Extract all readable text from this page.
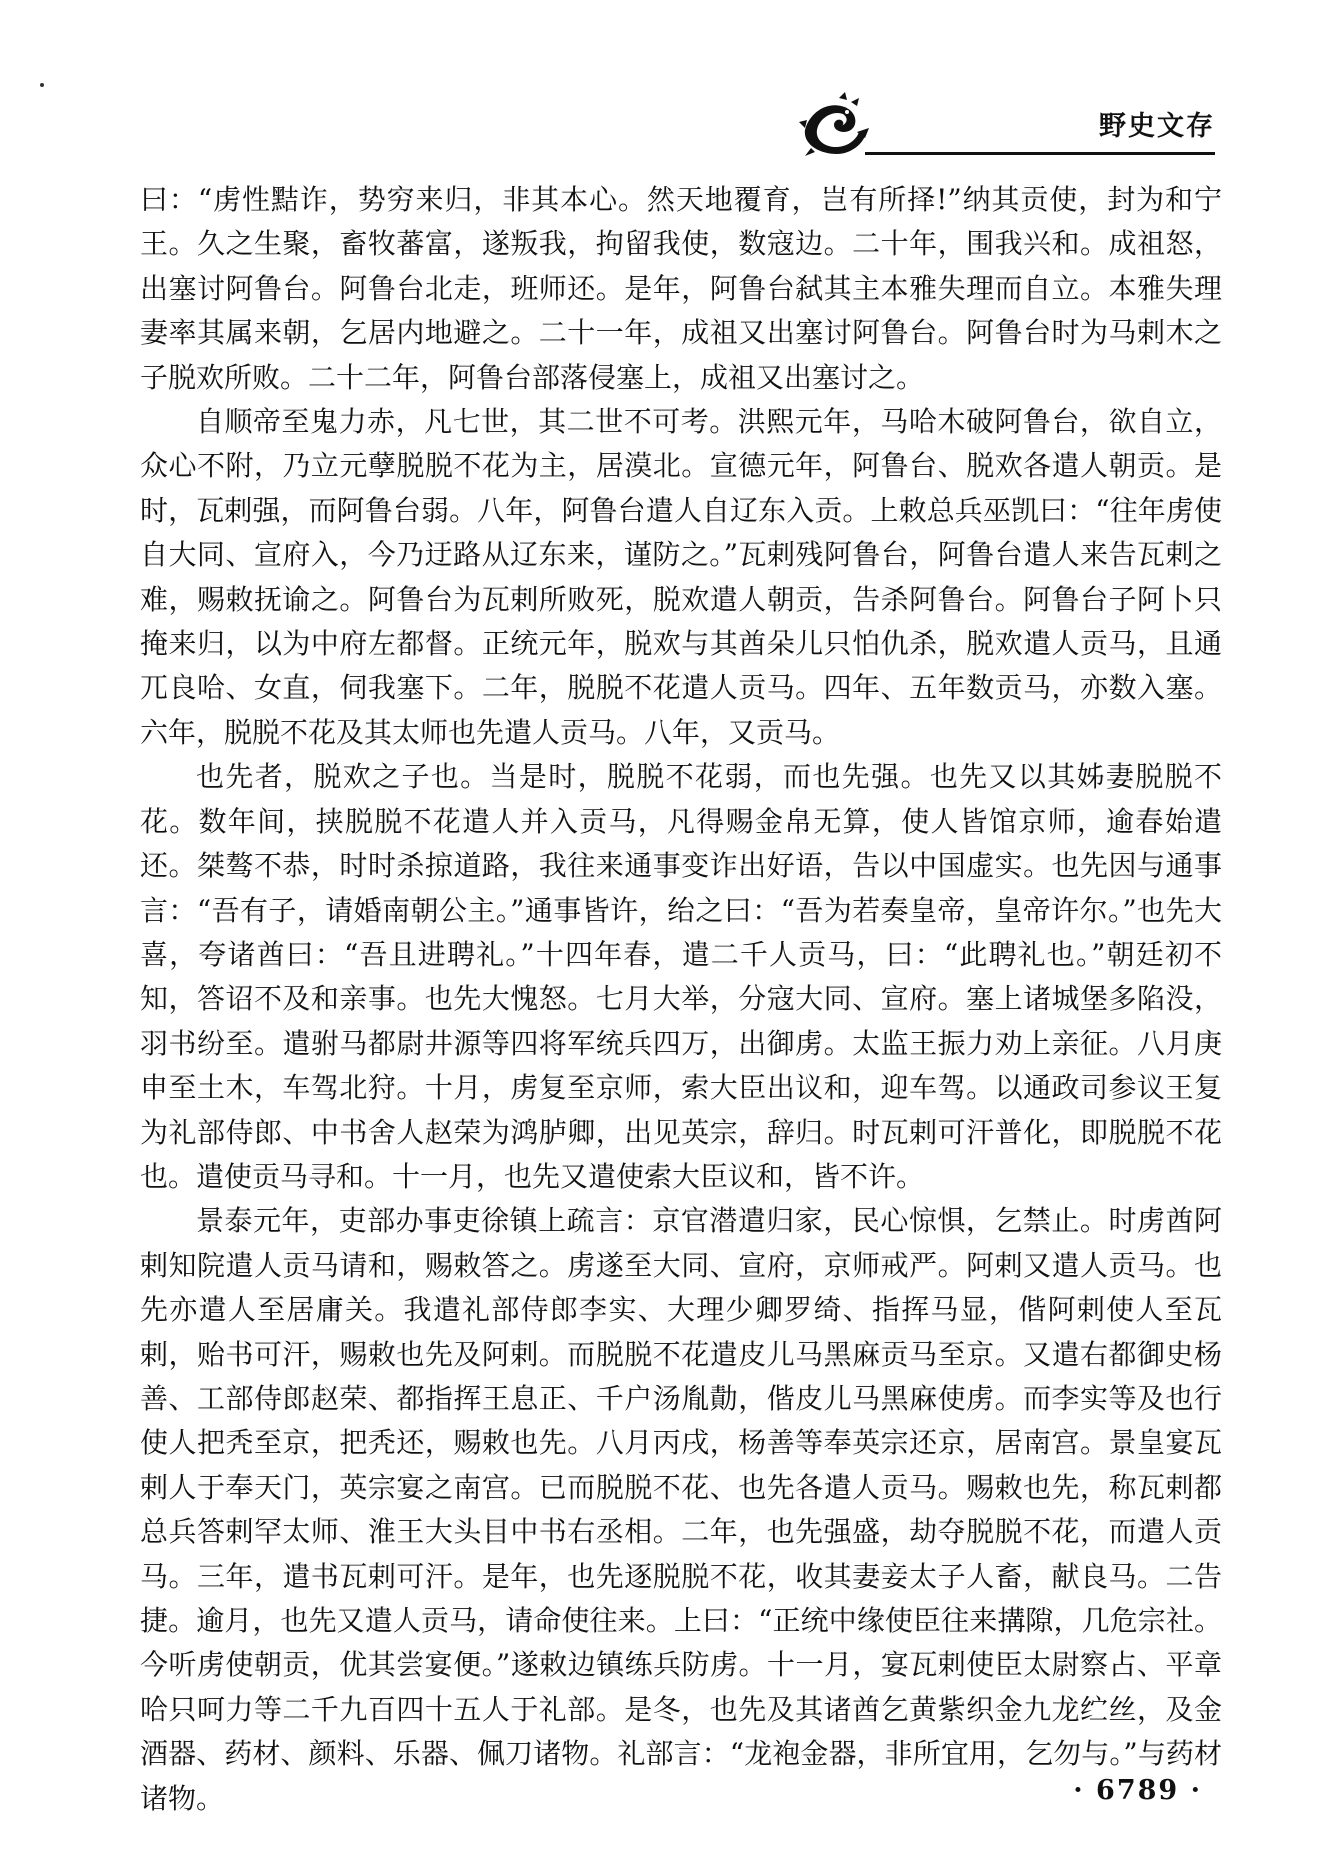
野史文存

曰：“虏性黠诈，势穷来归，非其本心。然天地覆育，岂有所择!”纳其贡使，封为和宁王。久之生聚，畜牧蕃富，遂叛我，拘留我使，数寇边。二十年，围我兴和。成祖怒，出塞讨阿鲁台。阿鲁台北走，班师还。是年，阿鲁台弑其主本雅失理而自立。本雅失理妻率其属来朝，乞居内地避之。二十一年，成祖又出塞讨阿鲁台。阿鲁台时为马剌木之子脱欢所败。二十二年，阿鲁台部落侵塞上，成祖又出塞讨之。

自顺帝至鬼力赤，凡七世，其二世不可考。洪熙元年，马哈木破阿鲁台，欲自立，众心不附，乃立元孽脱脱不花为主，居漠北。宣德元年，阿鲁台、脱欢各遣人朝贡。是时，瓦剌强，而阿鲁台弱。八年，阿鲁台遣人自辽东入贡。上敕总兵巫凯曰：“往年虏使自大同、宣府入，今乃迂路从辽东来，谨防之。”瓦剌残阿鲁台，阿鲁台遣人来告瓦剌之难，赐敕抚谕之。阿鲁台为瓦剌所败死，脱欢遣人朝贡，告杀阿鲁台。阿鲁台子阿卜只掩来归，以为中府左都督。正统元年，脱欢与其酋朵儿只怕仇杀，脱欢遣人贡马，且通兀良哈、女直，伺我塞下。二年，脱脱不花遣人贡马。四年、五年数贡马，亦数入塞。六年，脱脱不花及其太师也先遣人贡马。八年，又贡马。

也先者，脱欢之子也。当是时，脱脱不花弱，而也先强。也先又以其姊妻脱脱不花。数年间，挟脱脱不花遣人并入贡马，凡得赐金帛无算，使人皆馆京师，逾春始遣还。桀骜不恭，时时杀掠道路，我往来通事变诈出好语，告以中国虚实。也先因与通事言：“吾有子，请婚南朝公主。”通事皆许，绐之曰：“吾为若奏皇帝，皇帝许尔。”也先大喜，夸诸酋曰：“吾且进聘礼。”十四年春，遣二千人贡马，曰：“此聘礼也。”朝廷初不知，答诏不及和亲事。也先大愧怒。七月大举，分寇大同、宣府。塞上诸城堡多陷没，羽书纷至。遣驸马都尉井源等四将军统兵四万，出御虏。太监王振力劝上亲征。八月庚申至土木，车驾北狩。十月，虏复至京师，索大臣出议和，迎车驾。以通政司参议王复为礼部侍郎、中书舍人赵荣为鸿胪卿，出见英宗，辞归。时瓦剌可汗普化，即脱脱不花也。遣使贡马寻和。十一月，也先又遣使索大臣议和，皆不许。

景泰元年，吏部办事吏徐镇上疏言：京官潜遣归家，民心惊惧，乞禁止。时虏酋阿剌知院遣人贡马请和，赐敕答之。虏遂至大同、宣府，京师戒严。阿剌又遣人贡马。也先亦遣人至居庸关。我遣礼部侍郎李实、大理少卿罗绮、指挥马显，偕阿剌使人至瓦剌，贻书可汗，赐敕也先及阿剌。而脱脱不花遣皮儿马黑麻贡马至京。又遣右都御史杨善、工部侍郎赵荣、都指挥王息正、千户汤胤勣，偕皮儿马黑麻使虏。而李实等及也行使人把秃至京，把秃还，赐敕也先。八月丙戌，杨善等奉英宗还京，居南宫。景皇宴瓦剌人于奉天门，英宗宴之南宫。已而脱脱不花、也先各遣人贡马。赐敕也先，称瓦剌都总兵答剌罕太师、淮王大头目中书右丞相。二年，也先强盛，劫夺脱脱不花，而遣人贡马。三年，遣书瓦剌可汗。是年，也先逐脱脱不花，收其妻妾太子人畜，献良马。二告捷。逾月，也先又遣人贡马，请命使往来。上曰：“正统中缘使臣往来搆隙，几危宗社。今听虏使朝贡，优其尝宴便。”遂敕边镇练兵防虏。十一月，宴瓦剌使臣太尉察占、平章哈只呵力等二千九百四十五人于礼部。是冬，也先及其诸酋乞黄紫织金九龙纻丝，及金酒器、药材、颜料、乐器、佩刀诸物。礼部言：“龙袍金器，非所宜用，乞勿与。”与药材诸物。	· 6789 ·
